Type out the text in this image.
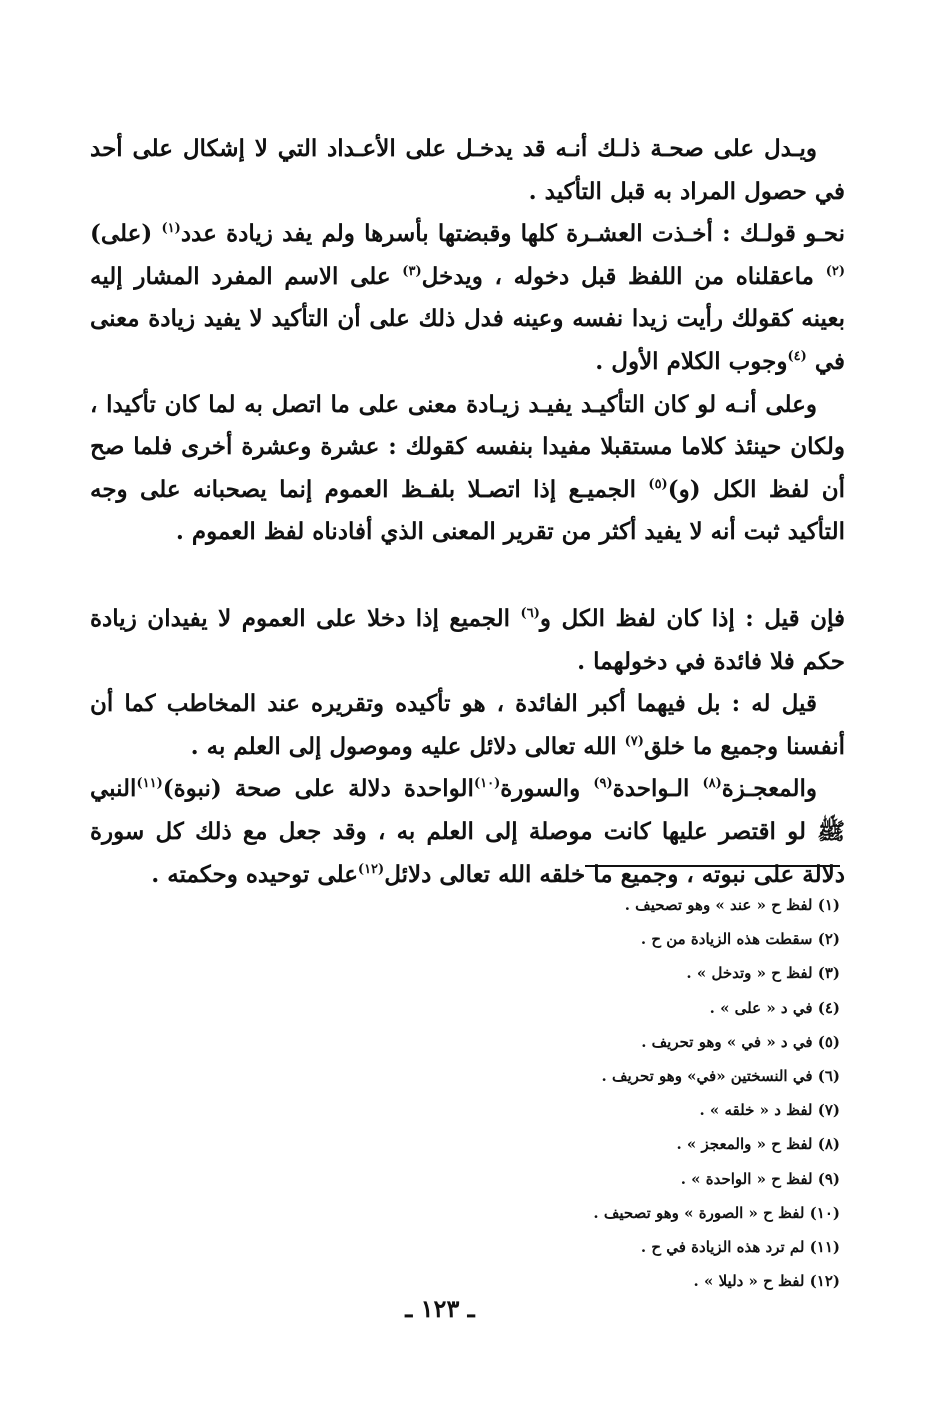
ويـدل على صحـة ذلـك أنـه قد يدخـل على الأعـداد التي لا إشكال على أحد في حصول المراد به قبل التأكيد .

نحـو قولـك : أخـذت العشـرة كلها وقبضتها بأسرها ولم يفد زيادة عدد$^{(١)}$ (على) $^{(٢)}$ ماعقلناه من اللفظ قبل دخوله ، ويدخل$^{(٣)}$ على الاسم المفرد المشار إليه بعينه كقولك رأيت زيدا نفسه وعينه فدل ذلك على أن التأكيد لا يفيد زيادة معنى في $^{(٤)}$وجوب الكلام الأول .

وعلى أنـه لو كان التأكيـد يفيـد زيـادة معنى على ما اتصل به لما كان تأكيدا ، ولكان حينئذ كلاما مستقبلا مفيدا بنفسه كقولك : عشرة وعشرة أخرى فلما صح أن لفظ الكل (و)$^{(٥)}$ الجميـع إذا اتصـلا بلفـظ العموم إنما يصحبانه على وجه التأكيد ثبت أنه لا يفيد أكثر من تقرير المعنى الذي أفادناه لفظ العموم .

فإن قيل : إذا كان لفظ الكل و$^{(٦)}$ الجميع إذا دخلا على العموم لا يفيدان زيادة حكم فلا فائدة في دخولهما .

قيل له : بل فيهما أكبر الفائدة ، هو تأكيده وتقريره عند المخاطب كما أن أنفسنا وجميع ما خلق$^{(٧)}$ الله تعالى دلائل عليه وموصول إلى العلم به .

والمعجـزة$^{(٨)}$ الـواحدة$^{(٩)}$ والسورة$^{(١٠)}$الواحدة دلالة على صحة (نبوة)$^{(١١)}$النبي ﷺ لو اقتصر عليها كانت موصلة إلى العلم به ، وقد جعل مع ذلك كل سورة دلالة على نبوته ، وجميع ما خلقه الله تعالى دلائل$^{(١٢)}$على توحيده وحكمته .

(١) لفظ ح « عند » وهو تصحيف .
(٢) سقطت هذه الزيادة من ح .
(٣) لفظ ح « وتدخل » .
(٤) في د « على » .
(٥) في د « في » وهو تحريف .
(٦) في النسختين «في» وهو تحريف .
(٧) لفظ د « خلقه » .
(٨) لفظ ح « والمعجز » .
(٩) لفظ ح « الواحدة » .
(١٠) لفظ ح « الصورة » وهو تصحيف .
(١١) لم ترد هذه الزيادة في ح .
(١٢) لفظ ح « دليلا » .
ـ ١٢٣ ـ
